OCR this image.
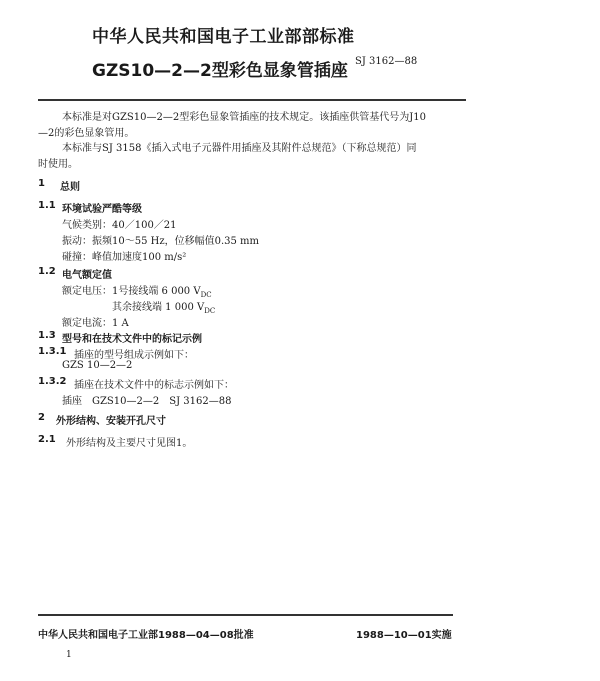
中华人民共和国电子工业部部标准
GZS10—2—2型彩色显象管插座 SJ 3162—88
本标准是对GZS10—2—2型彩色显象管插座的技术规定。该插座供管基代号为J10
—2的彩色显象管用。
本标准与SJ 3158《插入式电子元器件用插座及其附件总规范》（下称总规范）同
时使用。
1 总则
1.1 环境试验严酷等级
气候类别：40／100／21
振动：振频10～55 Hz，位移幅值0.35 mm
碰撞：峰值加速度100 m/s²
1.2 电气额定值
额定电压：1号接线端 6 000 $V_{DC}$
其余接线端 1 000 $V_{DC}$
额定电流：1 A
1.3 型号和在技术文件中的标记示例
1.3.1 插座的型号组成示例如下：
GZS 10—2—2
1.3.2 插座在技术文件中的标志示例如下：
插座　GZS10—2—2　SJ 3162—88
2 外形结构、安装开孔尺寸
2.1 外形结构及主要尺寸见图1。
中华人民共和国电子工业部1988—04—08批准	1988—10—01实施
1
